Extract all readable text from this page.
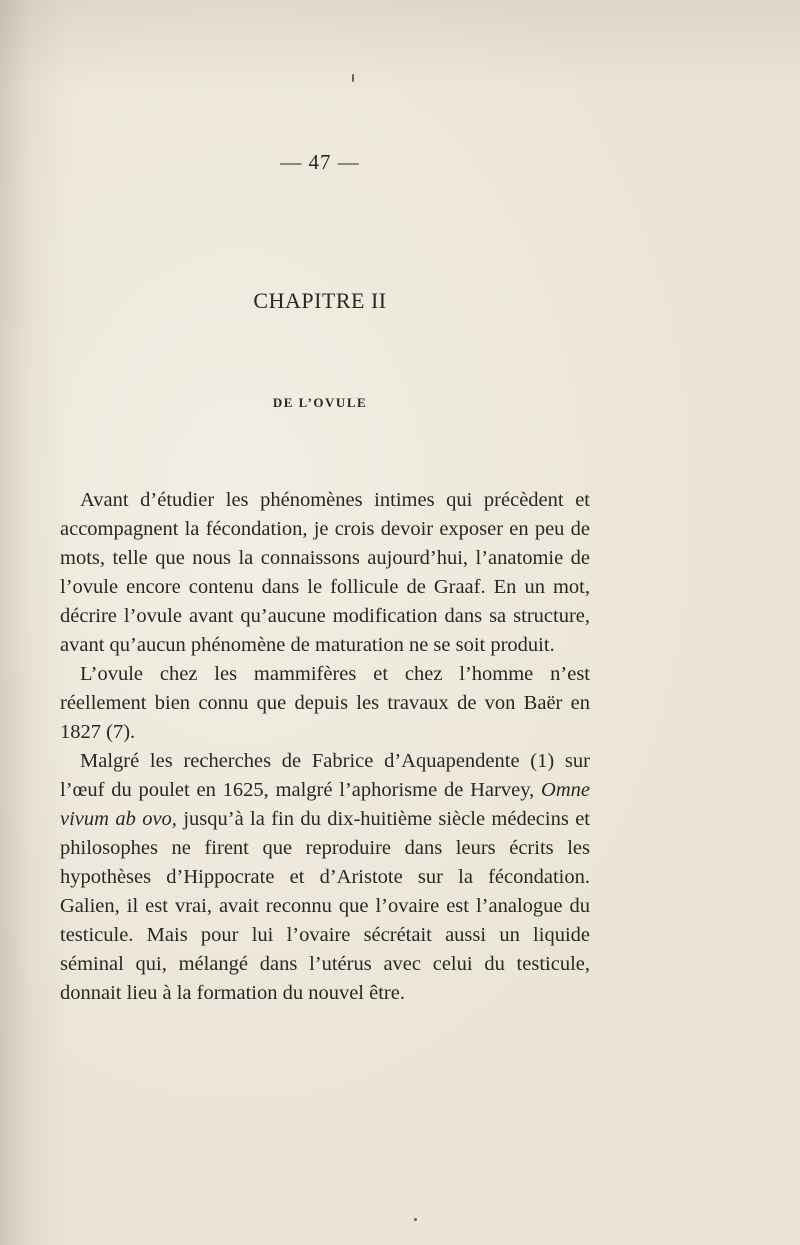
— 47 —
CHAPITRE II
DE L’OVULE

Avant d’étudier les phénomènes intimes qui précèdent et accompagnent la fécondation, je crois devoir exposer en peu de mots, telle que nous la connaissons aujourd’hui, l’anatomie de l’ovule encore contenu dans le follicule de Graaf. En un mot, décrire l’ovule avant qu’aucune modification dans sa structure, avant qu’aucun phénomène de maturation ne se soit produit.

L’ovule chez les mammifères et chez l’homme n’est réellement bien connu que depuis les travaux de von Baër en 1827 (7).

Malgré les recherches de Fabrice d’Aquapendente (1) sur l’œuf du poulet en 1625, malgré l’aphorisme de Harvey, Omne vivum ab ovo, jusqu’à la fin du dix-huitième siècle médecins et philosophes ne firent que reproduire dans leurs écrits les hypothèses d’Hippocrate et d’Aristote sur la fécondation. Galien, il est vrai, avait reconnu que l’ovaire est l’analogue du testicule. Mais pour lui l’ovaire sécrétait aussi un liquide séminal qui, mélangé dans l’utérus avec celui du testicule, donnait lieu à la formation du nouvel être.
